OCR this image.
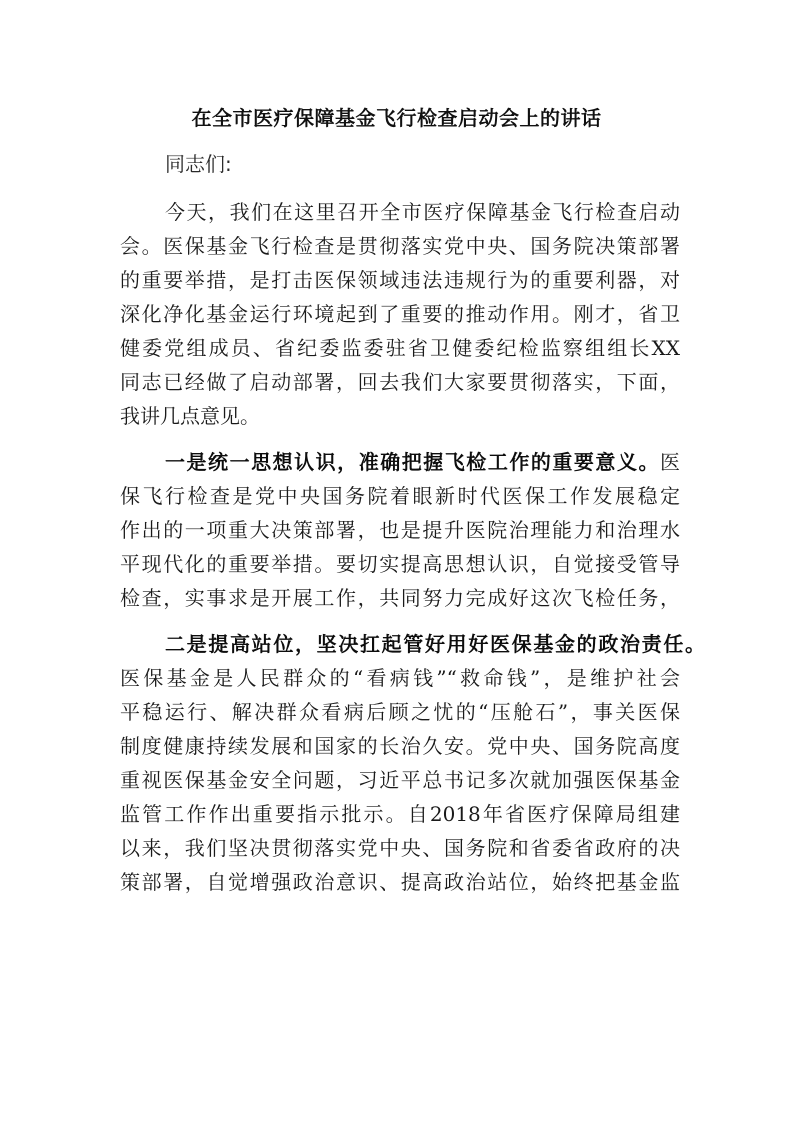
在全市医疗保障基金飞行检查启动会上的讲话
同志们:
今天，我们在这里召开全市医疗保障基金飞行检查启动
会。医保基金飞行检查是贯彻落实党中央、国务院决策部署
的重要举措，是打击医保领域违法违规行为的重要利器，对
深化净化基金运行环境起到了重要的推动作用。刚才，省卫
健委党组成员、省纪委监委驻省卫健委纪检监察组组长XX
同志已经做了启动部署，回去我们大家要贯彻落实，下面，
我讲几点意见。
一是统一思想认识，准确把握飞检工作的重要意义。医
保飞行检查是党中央国务院着眼新时代医保工作发展稳定
作出的一项重大决策部署，也是提升医院治理能力和治理水
平现代化的重要举措。要切实提高思想认识，自觉接受管导
检查，实事求是开展工作，共同努力完成好这次飞检任务，
二是提高站位，坚决扛起管好用好医保基金的政治责任。
医保基金是人民群众的“看病钱”“救命钱”，是维护社会
平稳运行、解决群众看病后顾之忧的“压舱石”，事关医保
制度健康持续发展和国家的长治久安。党中央、国务院高度
重视医保基金安全问题，习近平总书记多次就加强医保基金
监管工作作出重要指示批示。自2018年省医疗保障局组建
以来，我们坚决贯彻落实党中央、国务院和省委省政府的决
策部署，自觉增强政治意识、提高政治站位，始终把基金监
